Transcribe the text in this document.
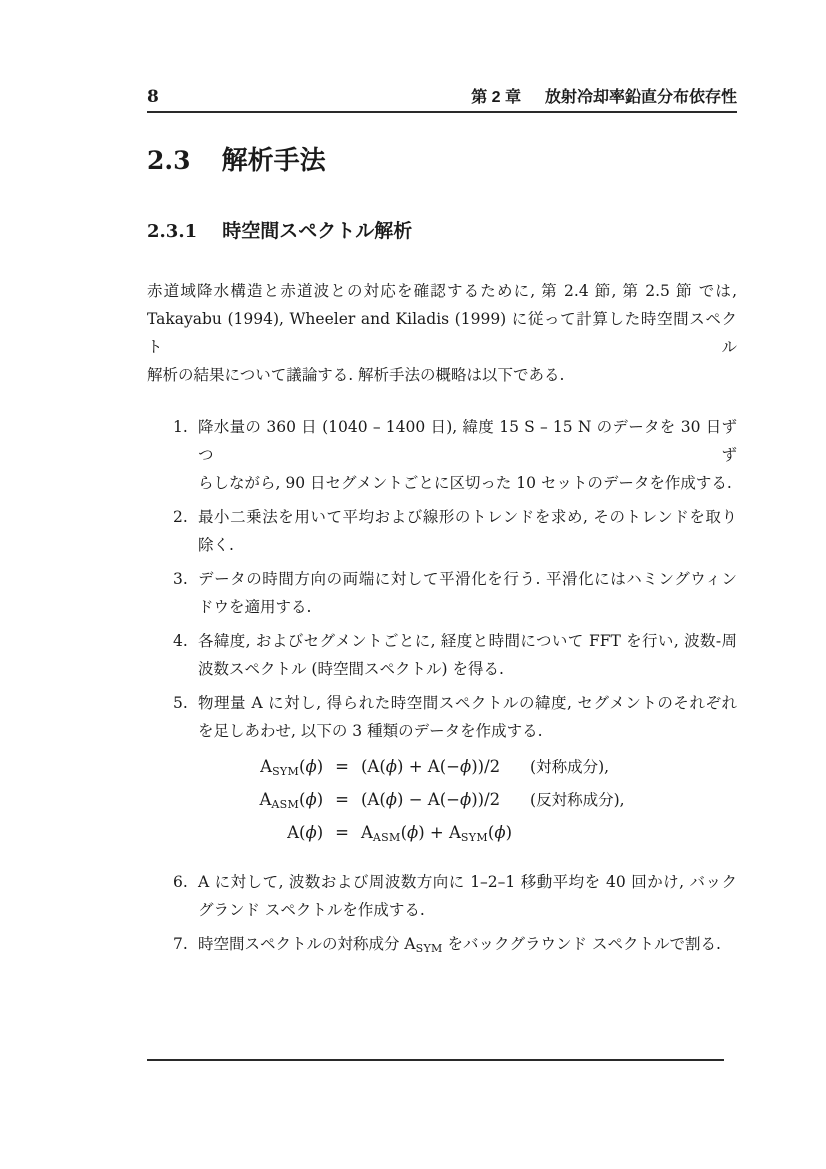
8	第 2 章 放射冷却率鉛直分布依存性
2.3 解析手法
2.3.1 時空間スペクトル解析
赤道域降水構造と赤道波との対応を確認するために, 第 2.4 節, 第 2.5 節 では,
Takayabu (1994), Wheeler and Kiladis (1999) に従って計算した時空間スペクトル
解析の結果について議論する. 解析手法の概略は以下である.
1. 降水量の 360 日 (1040 – 1400 日), 緯度 15 S – 15 N のデータを 30 日ずつず
らしながら, 90 日セグメントごとに区切った 10 セットのデータを作成する.
2. 最小二乗法を用いて平均および線形のトレンドを求め, そのトレンドを取り
除く.
3. データの時間方向の両端に対して平滑化を行う. 平滑化にはハミングウィン
ドウを適用する.
4. 各緯度, およびセグメントごとに, 経度と時間について FFT を行い, 波数-周
波数スペクトル (時空間スペクトル) を得る.
5. 物理量 A に対し, 得られた時空間スペクトルの緯度, セグメントのそれぞれ
を足しあわせ, 以下の 3 種類のデータを作成する.
$A_{SYM}(\phi) = (A(\phi) + A(-\phi))/2$	(対称成分),
$A_{ASM}(\phi) = (A(\phi) - A(-\phi))/2$	(反対称成分),
$A(\phi) = A_{ASM}(\phi) + A_{SYM}(\phi)$
6. A に対して, 波数および周波数方向に 1–2–1 移動平均を 40 回かけ, バック
グランド スペクトルを作成する.
7. 時空間スペクトルの対称成分 $A_{SYM}$ をバックグラウンド スペクトルで割る.
